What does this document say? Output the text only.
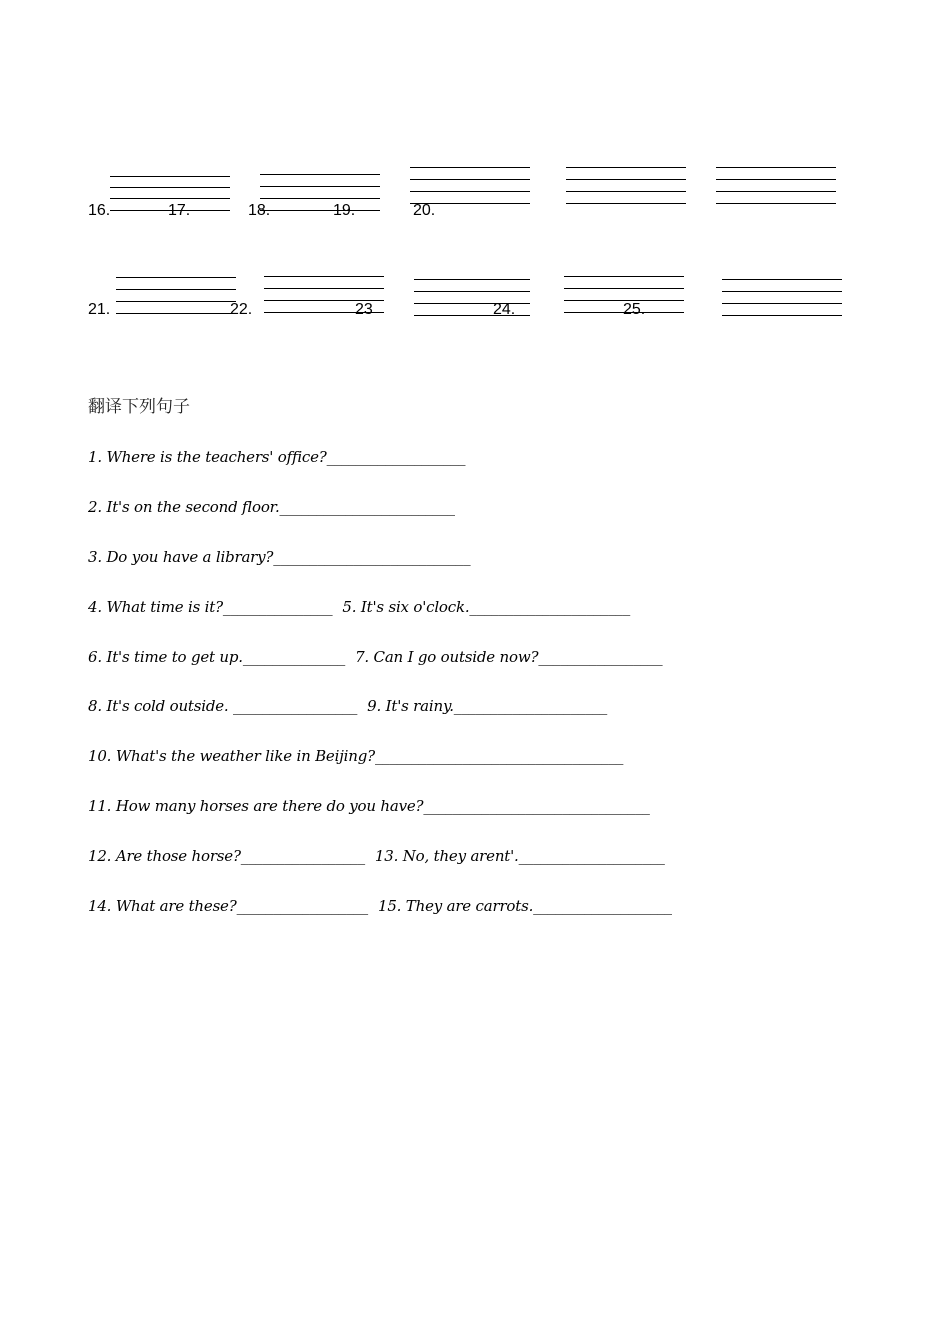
16.	17.	18.	19.	20.
21.	22.	23	24.	25.
翻译下列句子
1. Where is the teachers' office?___________________
2. It's on the second floor.________________________
3. Do you have a library?___________________________
4. What time is it?_______________ 5. It's six o'clock.______________________
6. It's time to get up.______________ 7. Can I go outside now?_________________
8. It's cold outside. _________________ 9. It's rainy._____________________
10. What's the weather like in Beijing?__________________________________
11. How many horses are there do you have?_______________________________
12. Are those horse?_________________ 13. No, they arent'.____________________
14. What are these?__________________ 15. They are carrots.___________________
